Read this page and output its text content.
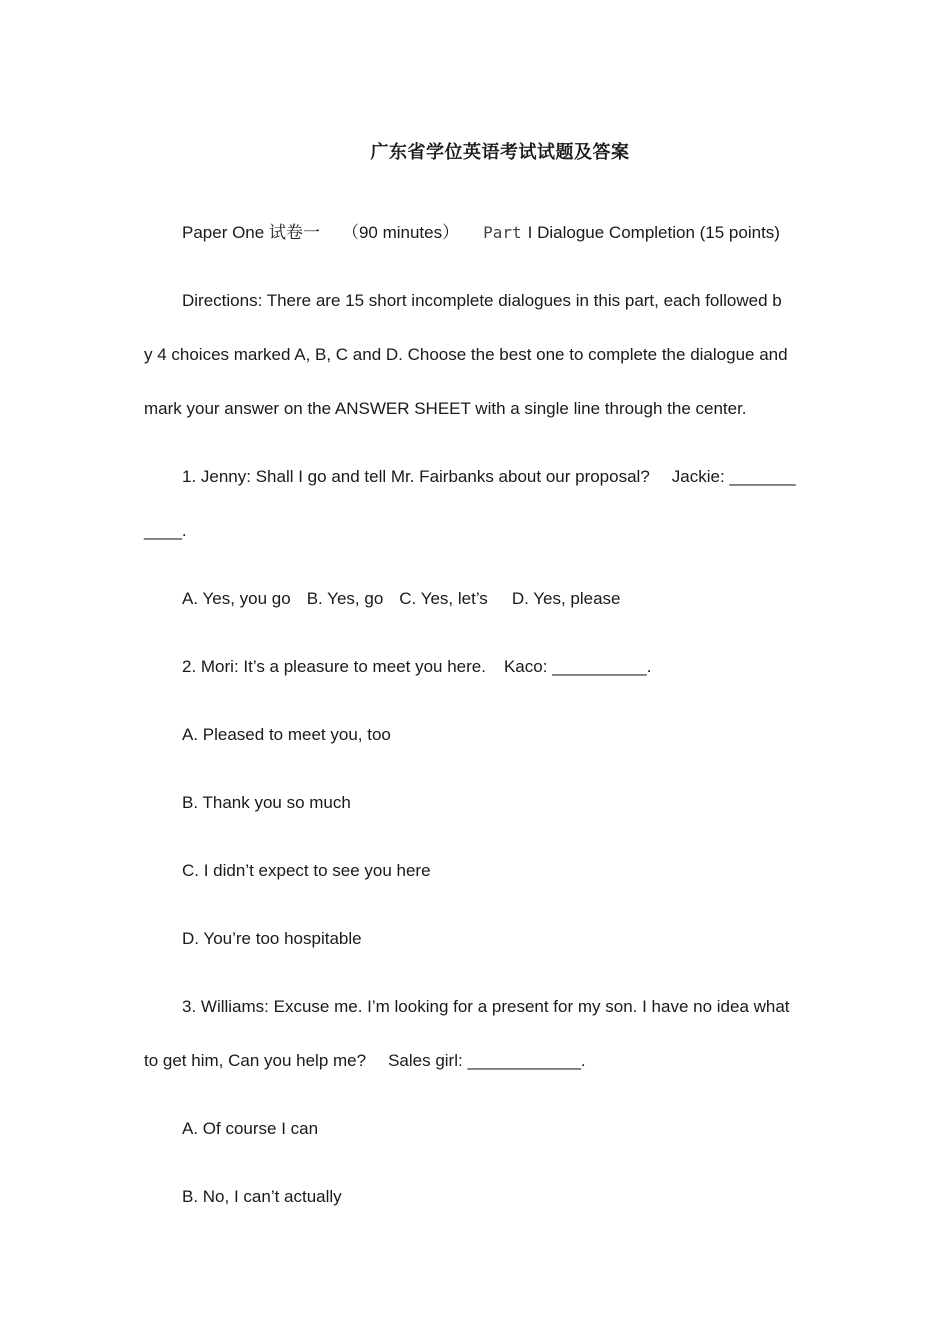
广东省学位英语考试试题及答案
Paper One 试卷一 （90 minutes） Part I Dialogue Completion (15 points)
Directions: There are 15 short incomplete dialogues in this part, each followed b
y 4 choices marked A, B, C and D. Choose the best one to complete the dialogue and
mark your answer on the ANSWER SHEET with a single line through the center.
1. Jenny: Shall I go and tell Mr. Fairbanks about our proposal? Jackie: _______
____.
A. Yes, you go B. Yes, go C. Yes, let’s D. Yes, please
2. Mori: It’s a pleasure to meet you here. Kaco: __________.
A. Pleased to meet you, too
B. Thank you so much
C. I didn’t expect to see you here
D. You’re too hospitable
3. Williams: Excuse me. I’m looking for a present for my son. I have no idea what
to get him, Can you help me? Sales girl: ____________.
A. Of course I can
B. No, I can’t actually
